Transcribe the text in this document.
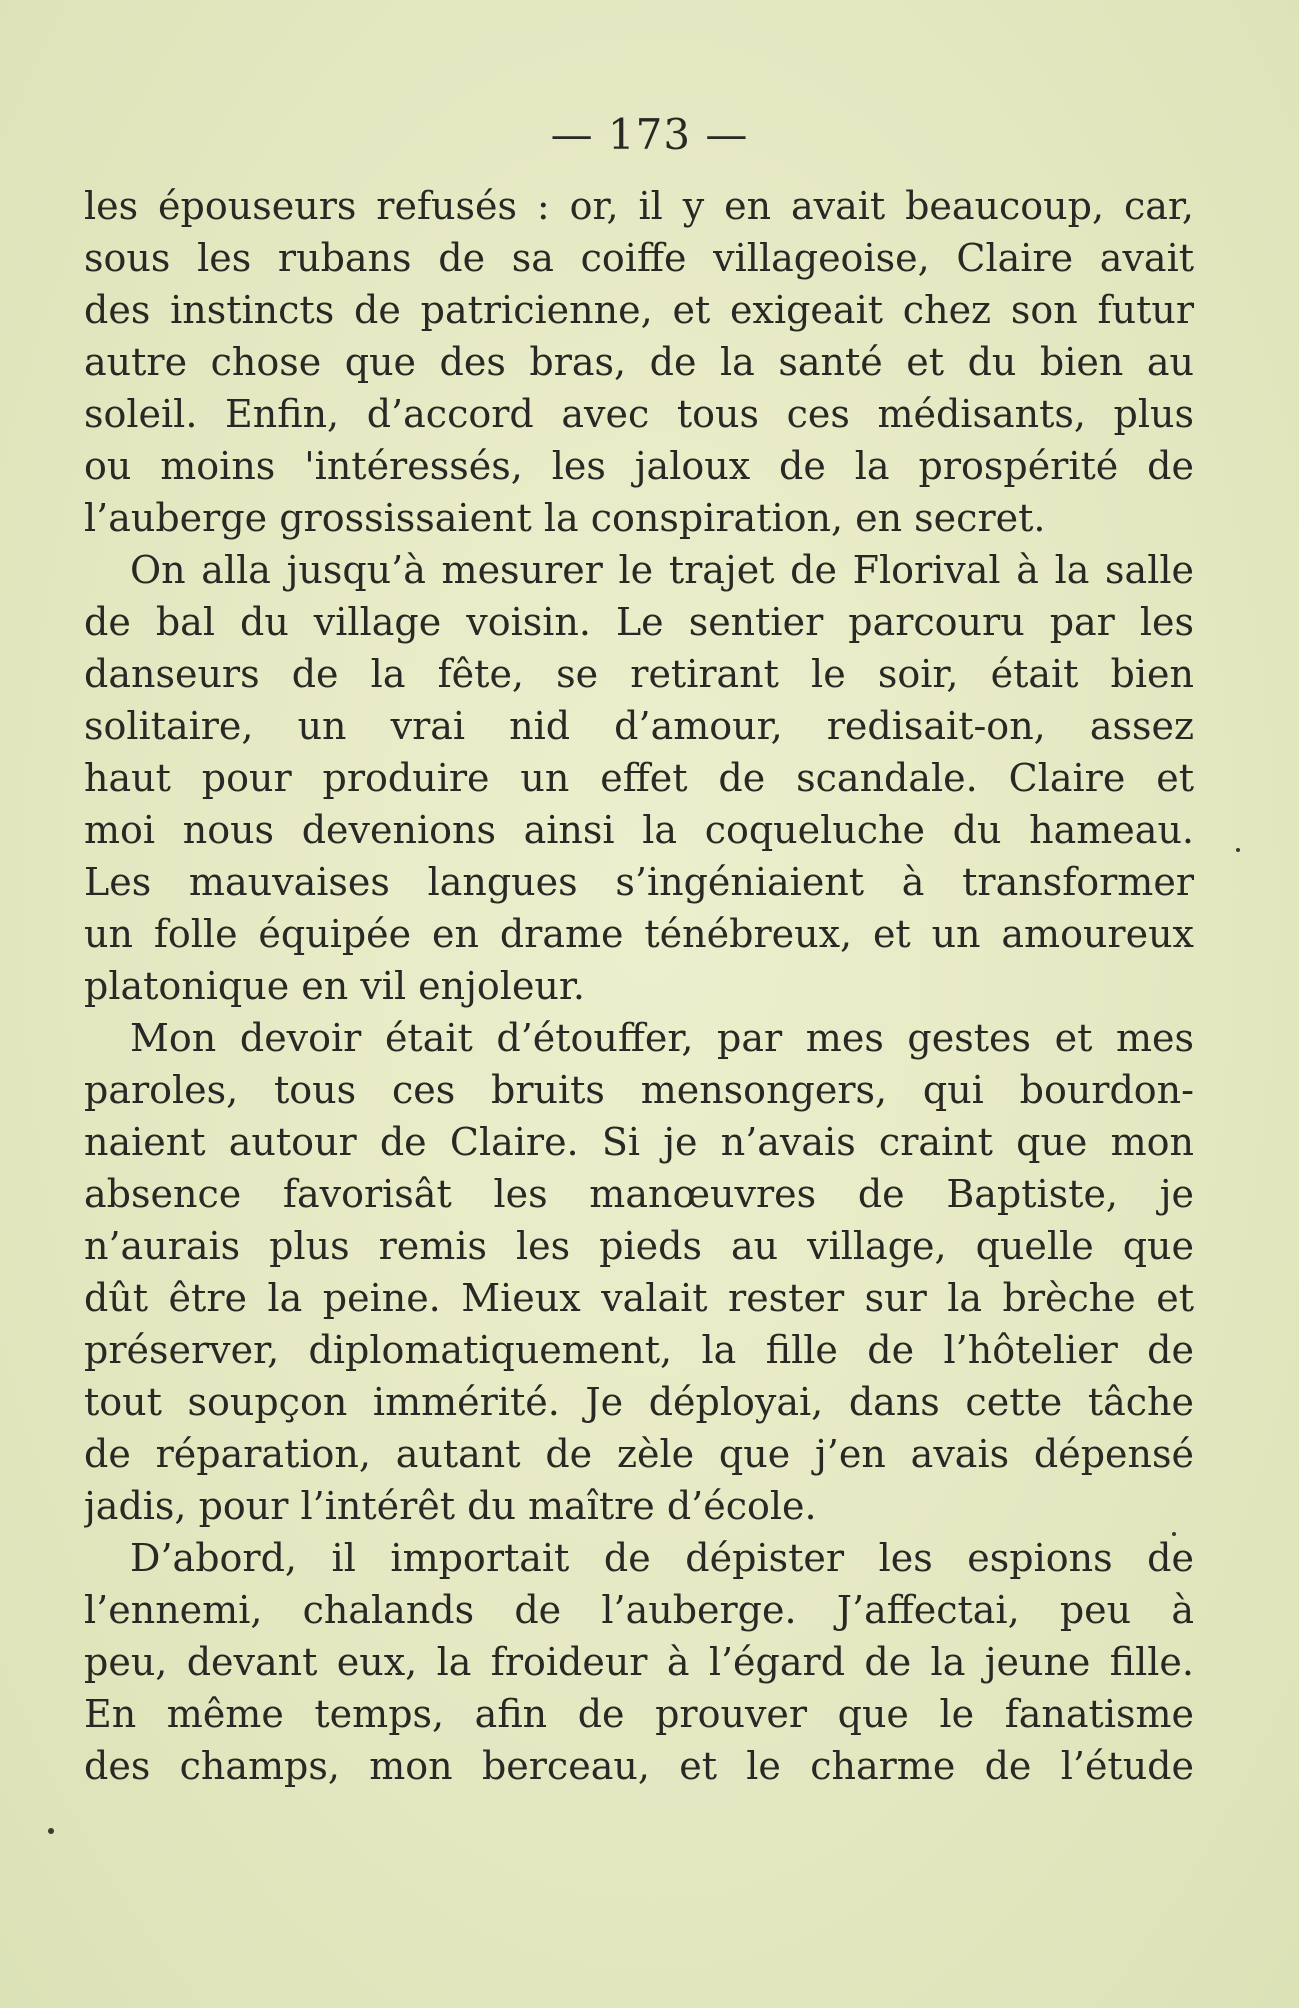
— 173 —
les épouseurs refusés : or, il y en avait beaucoup, car,
sous les rubans de sa coiffe villageoise, Claire avait
des instincts de patricienne, et exigeait chez son futur
autre chose que des bras, de la santé et du bien au
soleil. Enfin, d’accord avec tous ces médisants, plus
ou moins 'intéressés, les jaloux de la prospérité de
l’auberge grossissaient la conspiration, en secret.
On alla jusqu’à mesurer le trajet de Florival à la salle
de bal du village voisin. Le sentier parcouru par les
danseurs de la fête, se retirant le soir, était bien
solitaire, un vrai nid d’amour, redisait-on, assez
haut pour produire un effet de scandale. Claire et
moi nous devenions ainsi la coqueluche du hameau.
Les mauvaises langues s’ingéniaient à transformer
un folle équipée en drame ténébreux, et un amoureux
platonique en vil enjoleur.
Mon devoir était d’étouffer, par mes gestes et mes
paroles, tous ces bruits mensongers, qui bourdon-
naient autour de Claire. Si je n’avais craint que mon
absence favorisât les manœuvres de Baptiste, je
n’aurais plus remis les pieds au village, quelle que
dût être la peine. Mieux valait rester sur la brèche et
préserver, diplomatiquement, la fille de l’hôtelier de
tout soupçon immérité. Je déployai, dans cette tâche
de réparation, autant de zèle que j’en avais dépensé
jadis, pour l’intérêt du maître d’école.
D’abord, il importait de dépister les espions de
l’ennemi, chalands de l’auberge. J’affectai, peu à
peu, devant eux, la froideur à l’égard de la jeune fille.
En même temps, afin de prouver que le fanatisme
des champs, mon berceau, et le charme de l’étude
